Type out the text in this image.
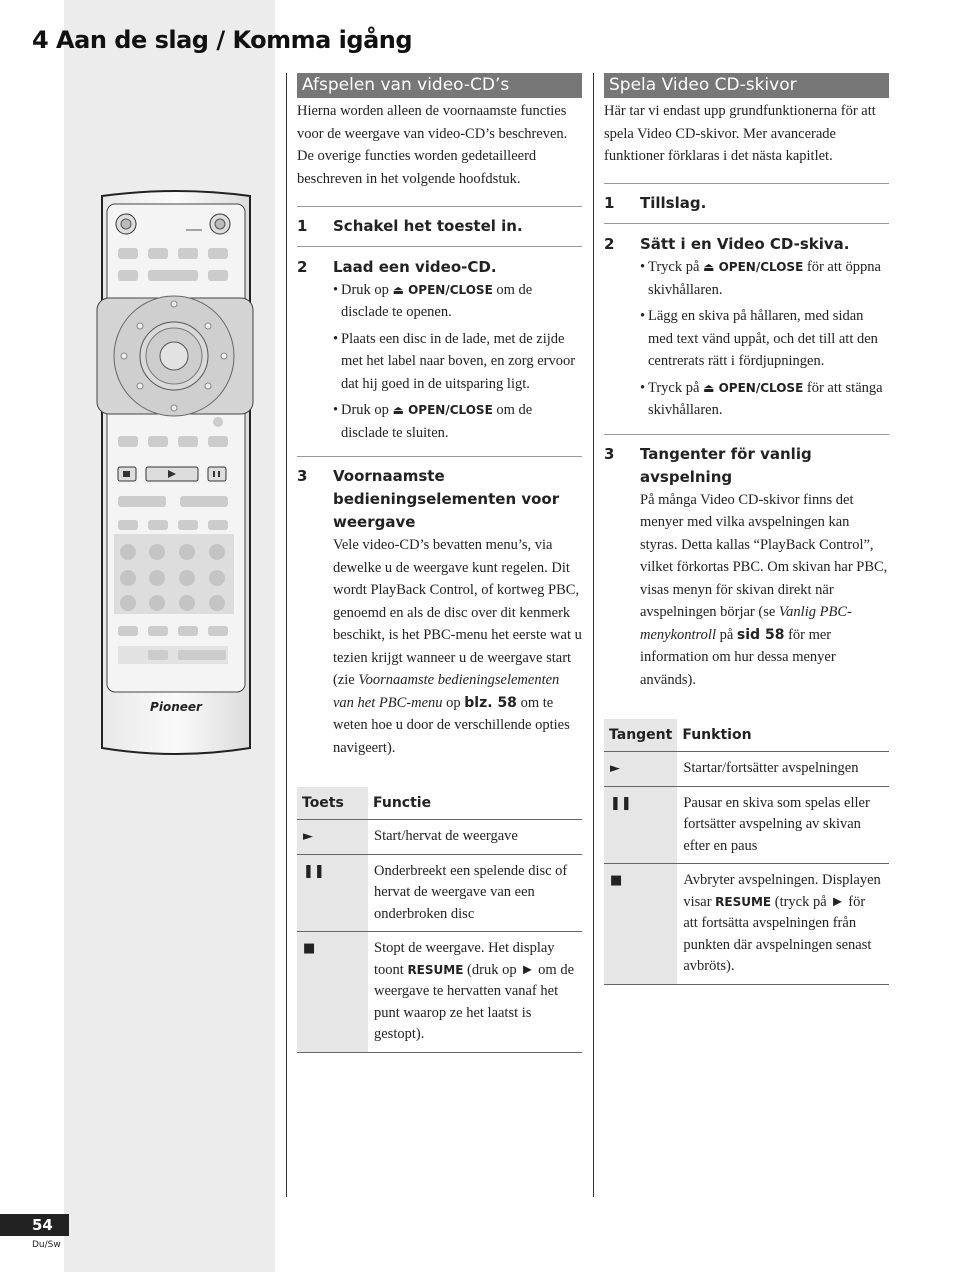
4 Aan de slag / Komma igång
Pioneer
Afspelen van video-CD’s
Hierna worden alleen de voornaamste functies voor de weergave van video-CD’s beschreven. De overige functies worden gedetailleerd beschreven in het volgende hoofdstuk.
1	Schakel het toestel in.
2	Laad een video-CD.
• Druk op ⏏ OPEN/CLOSE om de disclade te openen.
• Plaats een disc in de lade, met de zijde met het label naar boven, en zorg ervoor dat hij goed in de uitsparing ligt.
• Druk op ⏏ OPEN/CLOSE om de disclade te sluiten.
3	Voornaamste bedieningselementen voor weergave
Vele video-CD’s bevatten menu’s, via dewelke u de weergave kunt regelen. Dit wordt PlayBack Control, of kortweg PBC, genoemd en als de disc over dit kenmerk beschikt, is het PBC-menu het eerste wat u tezien krijgt wanneer u de weergave start (zie Voornaamste bedieningselementen van het PBC-menu op blz. 58 om te weten hoe u door de verschillende opties navigeert).
Toets	Functie
►	Start/hervat de weergave
❚❚	Onderbreekt een spelende disc of hervat de weergave van een onderbroken disc
■	Stopt de weergave. Het display toont RESUME (druk op ► om de weergave te hervatten vanaf het punt waarop ze het laatst is gestopt).
Spela Video CD-skivor
Här tar vi endast upp grundfunktionerna för att spela Video CD-skivor. Mer avancerade funktioner förklaras i det nästa kapitlet.
1	Tillslag.
2	Sätt i en Video CD-skiva.
• Tryck på ⏏ OPEN/CLOSE för att öppna skivhållaren.
• Lägg en skiva på hållaren, med sidan med text vänd uppåt, och det till att den centrerats rätt i fördjupningen.
• Tryck på ⏏ OPEN/CLOSE för att stänga skivhållaren.
3	Tangenter för vanlig avspelning
På många Video CD-skivor finns det menyer med vilka avspelningen kan styras. Detta kallas “PlayBack Control”, vilket förkortas PBC. Om skivan har PBC, visas menyn för skivan direkt när avspelningen börjar (se Vanlig PBC-menykontroll på sid 58 för mer information om hur dessa menyer används).
Tangent	Funktion
►	Startar/fortsätter avspelningen
❚❚	Pausar en skiva som spelas eller fortsätter avspelning av skivan efter en paus
■	Avbryter avspelningen. Displayen visar RESUME (tryck på ► för att fortsätta avspelningen från punkten där avspelningen senast avbröts).
54
Du/Sw
